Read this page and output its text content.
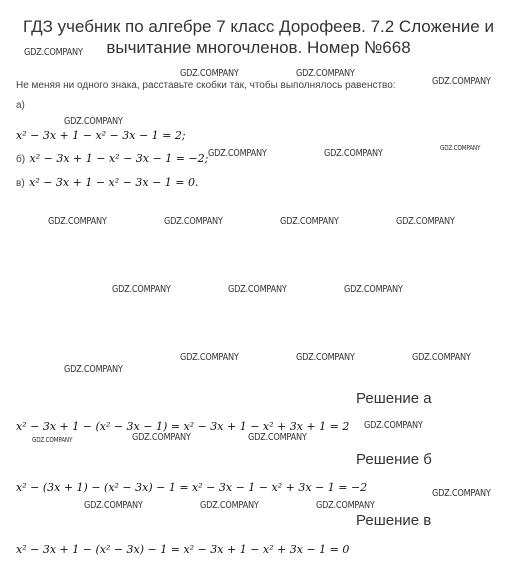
ГДЗ учебник по алгебре 7 класс Дорофеев. 7.2 Сложение и
вычитание многочленов. Номер №668
Не меняя ни одного знака, расставьте скобки так, чтобы выполнялось равенство:
а)
x² − 3x + 1 − x² − 3x − 1 = 2;
б) x² − 3x + 1 − x² − 3x − 1 = −2;
в) x² − 3x + 1 − x² − 3x − 1 = 0.
Решение а
x² − 3x + 1 − (x² − 3x − 1) = x² − 3x + 1 − x² + 3x + 1 = 2
Решение б
x² − (3x + 1) − (x² − 3x) − 1 = x² − 3x − 1 − x² + 3x − 1 = −2
Решение в
x² − 3x + 1 − (x² − 3x) − 1 = x² − 3x + 1 − x² + 3x − 1 = 0
GDZ.COMPANY
GDZ.COMPANY	GDZ.COMPANY
GDZ.COMPANY
GDZ.COMPANY
GDZ.COMPANY
GDZ.COMPANY	GDZ.COMPANY
GDZ.COMPANY	GDZ.COMPANY	GDZ.COMPANY	GDZ.COMPANY
GDZ.COMPANY	GDZ.COMPANY	GDZ.COMPANY
GDZ.COMPANY	GDZ.COMPANY	GDZ.COMPANY
GDZ.COMPANY
GDZ.COMPANY
GDZ.COMPANY	GDZ.COMPANY	GDZ.COMPANY
GDZ.COMPANY
GDZ.COMPANY	GDZ.COMPANY	GDZ.COMPANY
